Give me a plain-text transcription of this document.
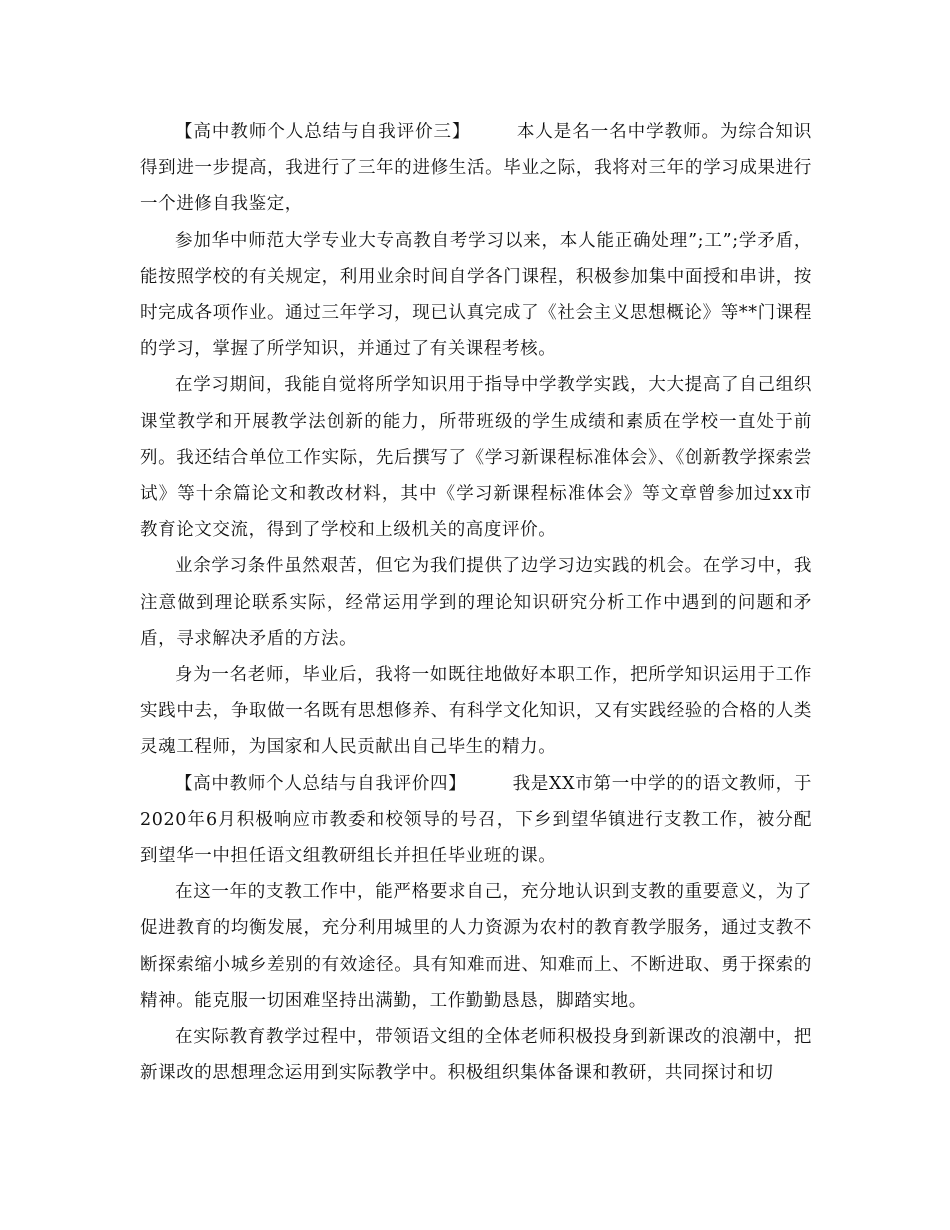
【高中教师个人总结与自我评价三】	本人是名一名中学教师。为综合知识得到进一步提高，我进行了三年的进修生活。毕业之际，我将对三年的学习成果进行一个进修自我鉴定，

参加华中师范大学专业大专高教自考学习以来，本人能正确处理”;工”;学矛盾，能按照学校的有关规定，利用业余时间自学各门课程，积极参加集中面授和串讲，按时完成各项作业。通过三年学习，现已认真完成了《社会主义思想概论》等**门课程的学习，掌握了所学知识，并通过了有关课程考核。

在学习期间，我能自觉将所学知识用于指导中学教学实践，大大提高了自己组织课堂教学和开展教学法创新的能力，所带班级的学生成绩和素质在学校一直处于前列。我还结合单位工作实际，先后撰写了《学习新课程标准体会》、《创新教学探索尝试》等十余篇论文和教改材料，其中《学习新课程标准体会》等文章曾参加过xx市教育论文交流，得到了学校和上级机关的高度评价。

业余学习条件虽然艰苦，但它为我们提供了边学习边实践的机会。在学习中，我注意做到理论联系实际，经常运用学到的理论知识研究分析工作中遇到的问题和矛盾，寻求解决矛盾的方法。

身为一名老师，毕业后，我将一如既往地做好本职工作，把所学知识运用于工作实践中去，争取做一名既有思想修养、有科学文化知识，又有实践经验的合格的人类灵魂工程师，为国家和人民贡献出自己毕生的精力。

【高中教师个人总结与自我评价四】	我是XX市第一中学的的语文教师，于2020年6月积极响应市教委和校领导的号召，下乡到望华镇进行支教工作，被分配到望华一中担任语文组教研组长并担任毕业班的课。

在这一年的支教工作中，能严格要求自己，充分地认识到支教的重要意义，为了促进教育的均衡发展，充分利用城里的人力资源为农村的教育教学服务，通过支教不断探索缩小城乡差别的有效途径。具有知难而进、知难而上、不断进取、勇于探索的精神。能克服一切困难坚持出满勤，工作勤勤恳恳，脚踏实地。

在实际教育教学过程中，带领语文组的全体老师积极投身到新课改的浪潮中，把新课改的思想理念运用到实际教学中。积极组织集体备课和教研，共同探讨和切
